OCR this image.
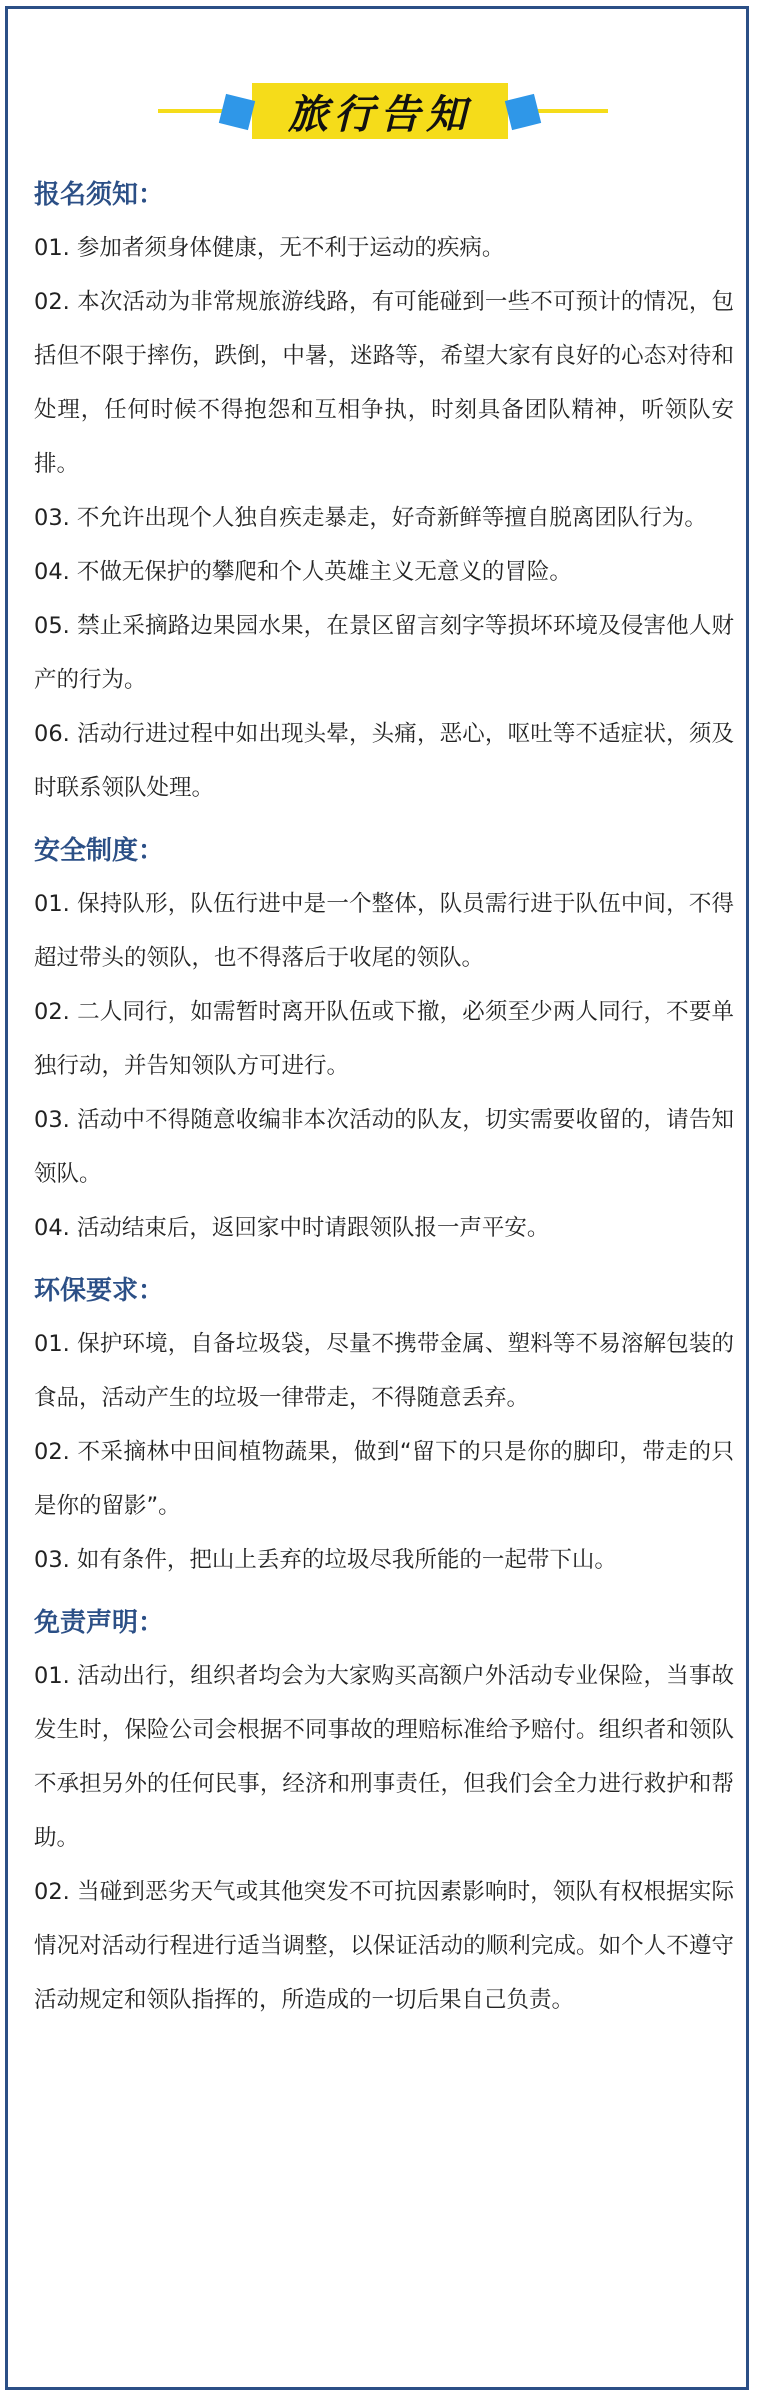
旅行告知
报名须知：

01. 参加者须身体健康，无不利于运动的疾病。

02. 本次活动为非常规旅游线路，有可能碰到一些不可预计的情况，包括但不限于摔伤，跌倒，中暑，迷路等，希望大家有良好的心态对待和处理，任何时候不得抱怨和互相争执，时刻具备团队精神，听领队安排。

03. 不允许出现个人独自疾走暴走，好奇新鲜等擅自脱离团队行为。

04. 不做无保护的攀爬和个人英雄主义无意义的冒险。

05. 禁止采摘路边果园水果，在景区留言刻字等损坏环境及侵害他人财产的行为。

06. 活动行进过程中如出现头晕，头痛，恶心，呕吐等不适症状，须及时联系领队处理。

安全制度：

01. 保持队形，队伍行进中是一个整体，队员需行进于队伍中间，不得超过带头的领队，也不得落后于收尾的领队。

02. 二人同行，如需暂时离开队伍或下撤，必须至少两人同行，不要单独行动，并告知领队方可进行。

03. 活动中不得随意收编非本次活动的队友，切实需要收留的，请告知领队。

04. 活动结束后，返回家中时请跟领队报一声平安。

环保要求：

01. 保护环境，自备垃圾袋，尽量不携带金属、塑料等不易溶解包装的食品，活动产生的垃圾一律带走，不得随意丢弃。

02. 不采摘林中田间植物蔬果，做到“留下的只是你的脚印，带走的只是你的留影”。

03. 如有条件，把山上丢弃的垃圾尽我所能的一起带下山。

免责声明：

01. 活动出行，组织者均会为大家购买高额户外活动专业保险，当事故发生时，保险公司会根据不同事故的理赔标准给予赔付。组织者和领队不承担另外的任何民事，经济和刑事责任，但我们会全力进行救护和帮助。

02. 当碰到恶劣天气或其他突发不可抗因素影响时，领队有权根据实际情况对活动行程进行适当调整，以保证活动的顺利完成。如个人不遵守活动规定和领队指挥的，所造成的一切后果自己负责。
